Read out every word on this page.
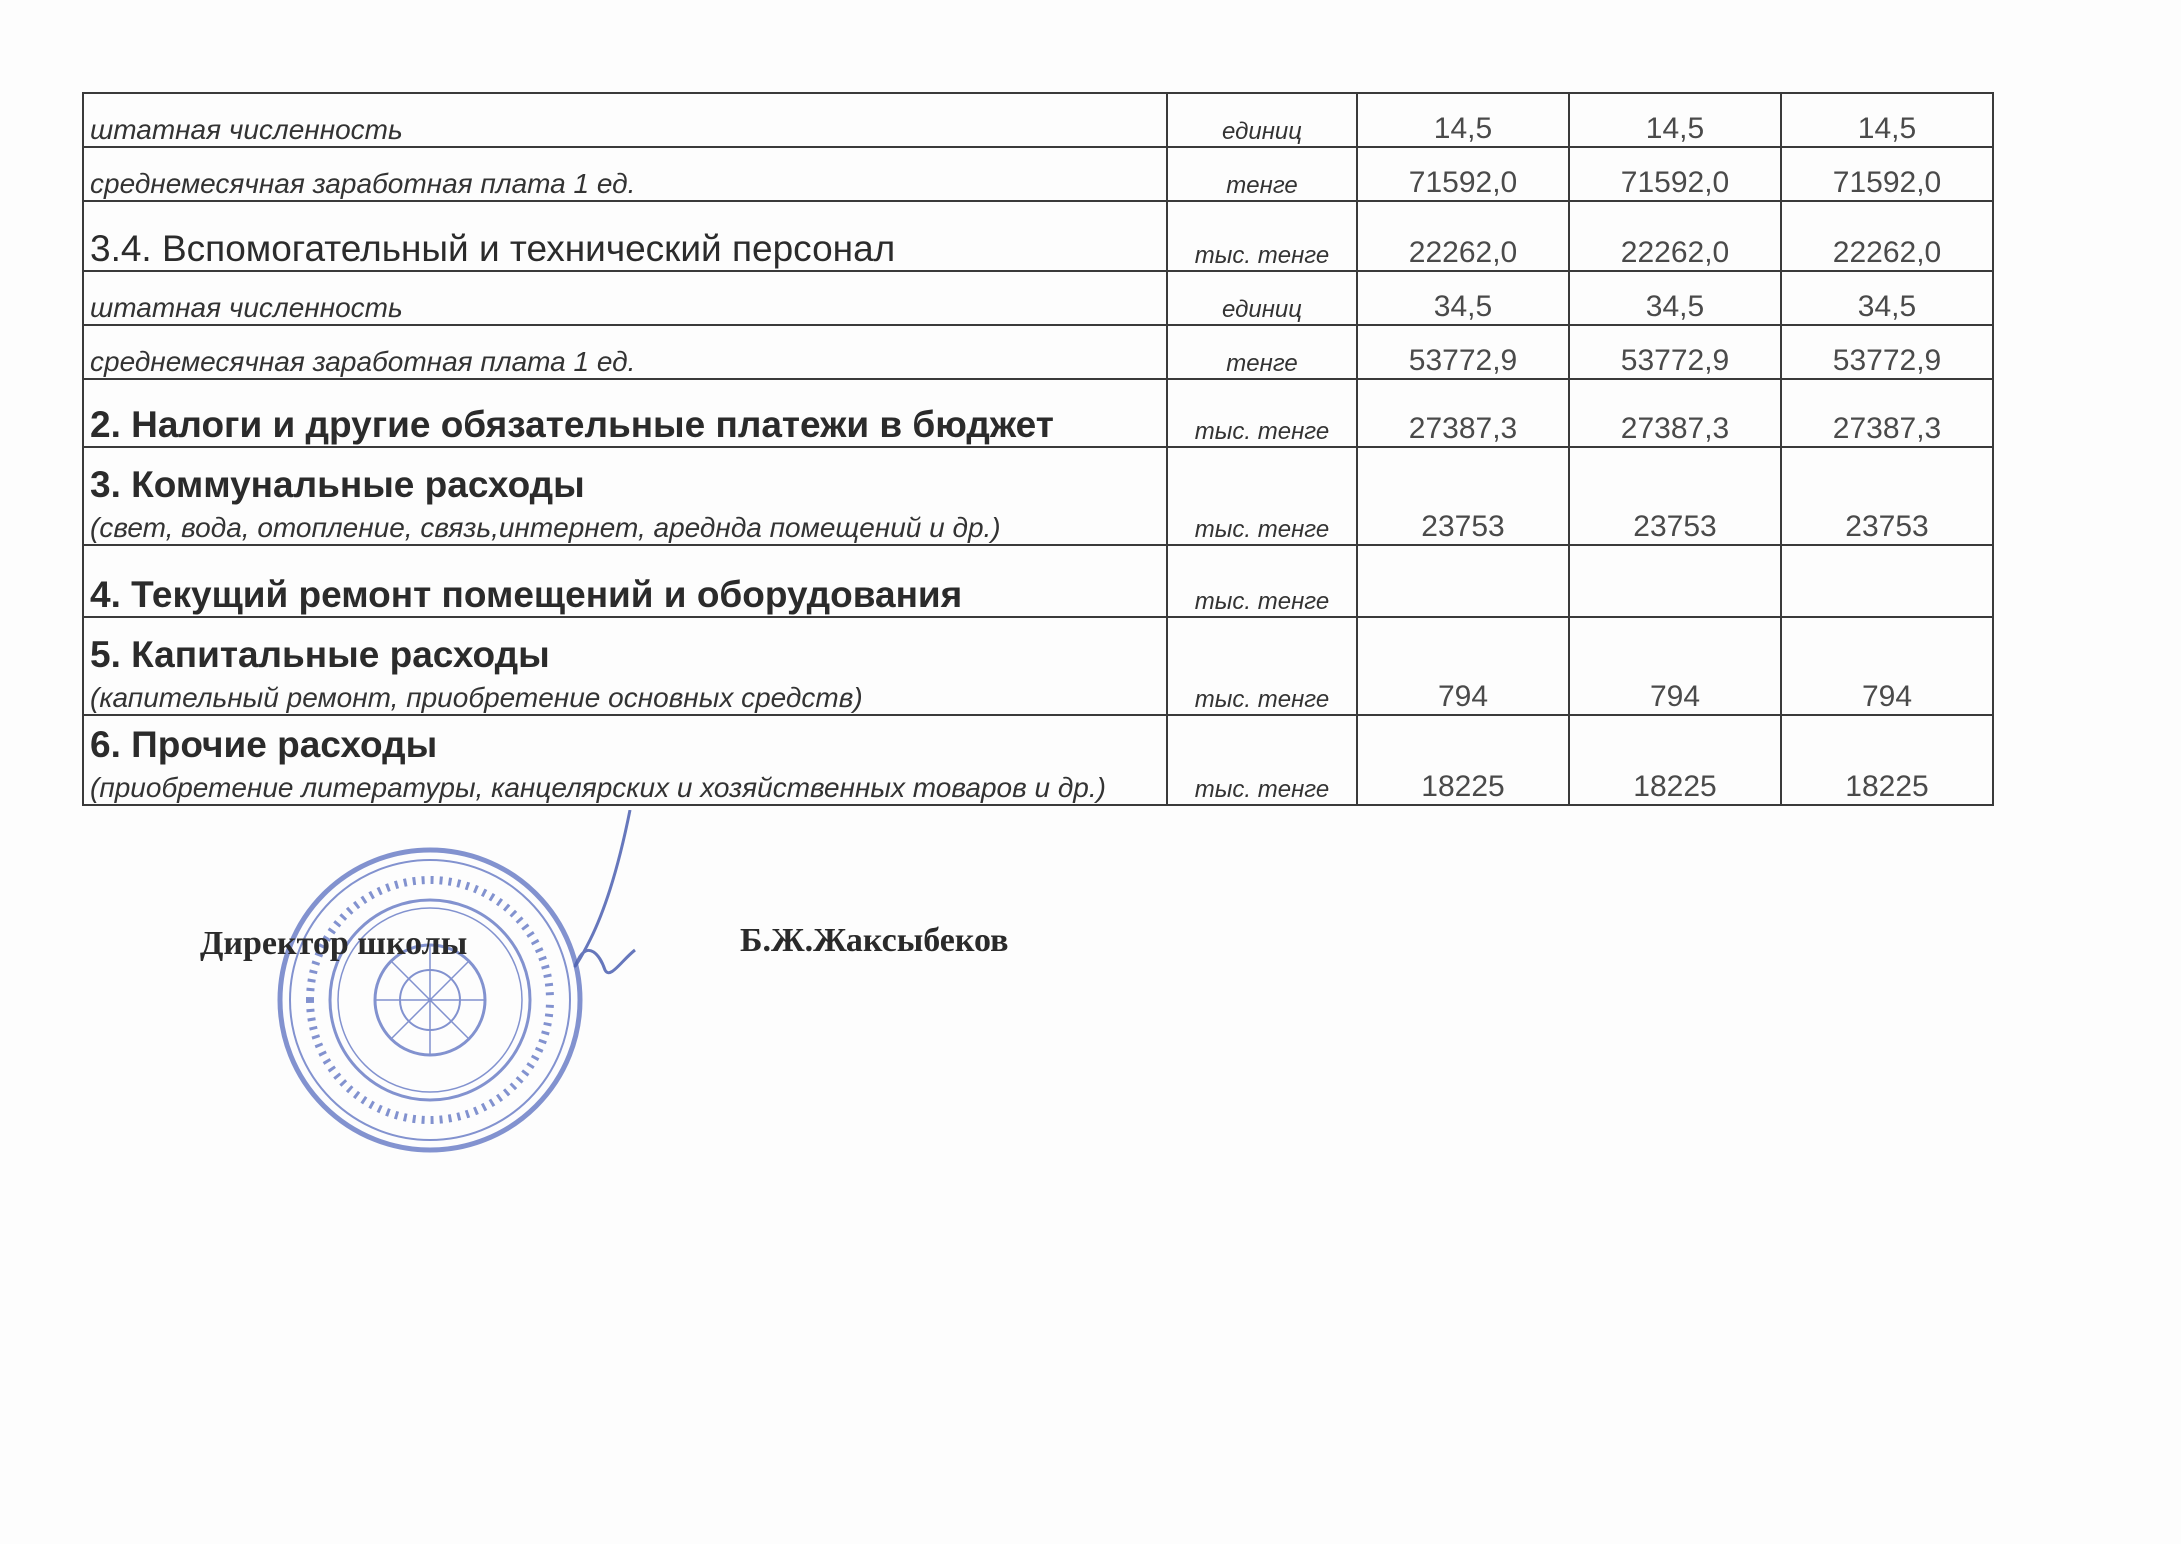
штатная численность	единиц	14,5	14,5	14,5
среднемесячная заработная плата 1 ед.	тенге	71592,0	71592,0	71592,0
3.4. Вспомогательный и технический персонал	тыс. тенге	22262,0	22262,0	22262,0
штатная численность	единиц	34,5	34,5	34,5
среднемесячная заработная плата 1 ед.	тенге	53772,9	53772,9	53772,9
2. Налоги и другие обязательные платежи в бюджет	тыс. тенге	27387,3	27387,3	27387,3
3. Коммунальные расходы
(свет, вода, отопление, связь,интернет, ареднда помещений и др.)	тыс. тенге	23753	23753	23753
4. Текущий ремонт помещений и оборудования	тыс. тенге			
5. Капитальные расходы
(капительный ремонт, приобретение основных средств)	тыс. тенге	794	794	794
6. Прочие расходы
(приобретение литературы, канцелярских и хозяйственных товаров и др.)	тыс. тенге	18225	18225	18225
Директор школы	Б.Ж.Жаксыбеков
